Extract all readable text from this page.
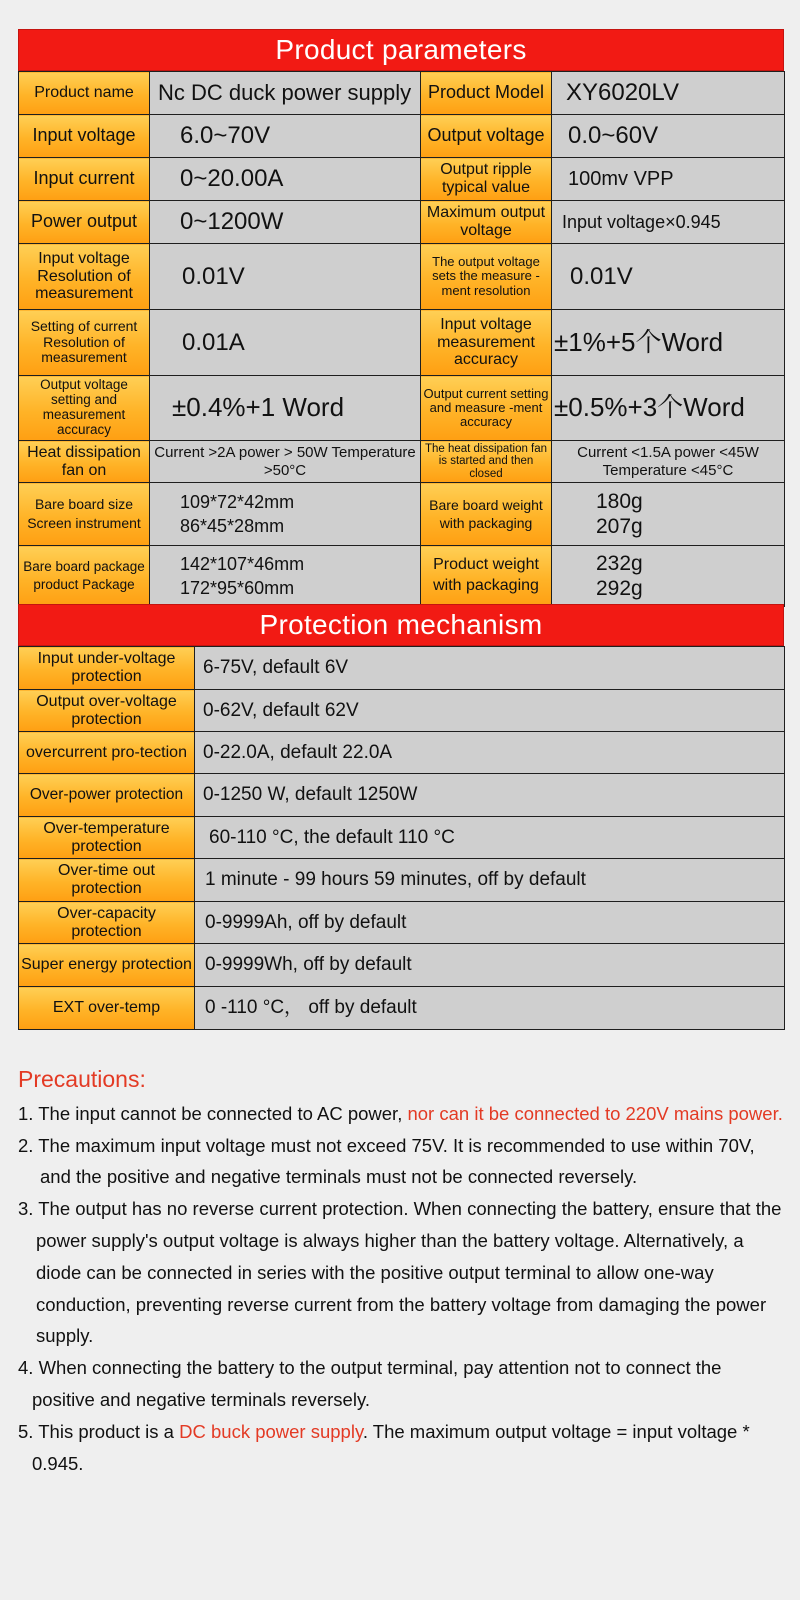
Product parameters
Product name	Nc DC duck power supply	Product Model	XY6020LV
Input voltage	6.0~70V	Output voltage	0.0~60V
Input current	0~20.00A	Output ripple typical value	100mv VPP
Power output	0~1200W	Maximum output voltage	Input voltage×0.945
Input voltage Resolution of measurement	0.01V	The output voltage sets the measure -ment resolution	0.01V
Setting of current Resolution of measurement	0.01A	Input voltage measurement accuracy	±1%+5个Word
Output voltage setting and measurement accuracy	±0.4%+1 Word	Output current setting and measure -ment accuracy	±0.5%+3个Word
Heat dissipation fan on	Current >2A power > 50W Temperature >50°C	The heat dissipation fan is started and then closed	Current <1.5A power <45W Temperature <45°C
Bare board size Screen instrument	109*72*42mm 86*45*28mm	Bare board weight with packaging	180g 207g
Bare board package product Package	142*107*46mm 172*95*60mm	Product weight with packaging	232g 292g
Protection mechanism
Input under-voltage protection	6-75V, default 6V
Output over-voltage protection	0-62V, default 62V
overcurrent pro-tection	0-22.0A, default 22.0A
Over-power protection	0-1250 W, default 1250W
Over-temperature protection	60-110 °C, the default 110 °C
Over-time out protection	1 minute - 99 hours 59 minutes, off by default
Over-capacity protection	0-9999Ah, off by default
Super energy protection	0-9999Wh, off by default
EXT over-temp	0 -110 °C， off by default
Precautions:
1. The input cannot be connected to AC power, nor can it be connected to 220V mains power.
2. The maximum input voltage must not exceed 75V. It is recommended to use within 70V, and the positive and negative terminals must not be connected reversely.
3. The output has no reverse current protection. When connecting the battery, ensure that the power supply's output voltage is always higher than the battery voltage. Alternatively, a diode can be connected in series with the positive output terminal to allow one-way conduction, preventing reverse current from the battery voltage from damaging the power supply.
4. When connecting the battery to the output terminal, pay attention not to connect the positive and negative terminals reversely.
5. This product is a DC buck power supply. The maximum output voltage = input voltage * 0.945.
